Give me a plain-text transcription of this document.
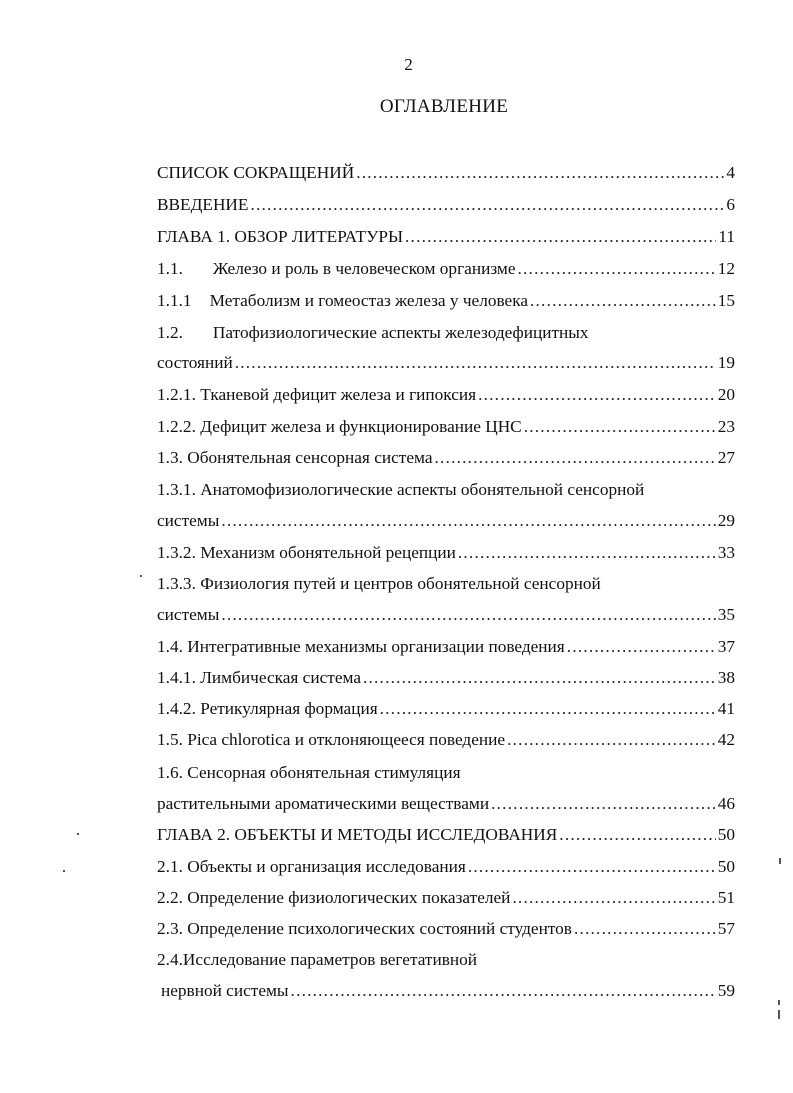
2
ОГЛАВЛЕНИЕ
СПИСОК СОКРАЩЕНИЙ .....	4
ВВЕДЕНИЕ .....	6
ГЛАВА 1. ОБЗОР ЛИТЕРАТУРЫ .....	11
1.1. Железо и роль в человеческом организме .....	12
1.1.1 Метаболизм и гомеостаз железа у человека .....	15
1.2. Патофизиологические аспекты железодефицитных
состояний .....	19
1.2.1. Тканевой дефицит железа и гипоксия .....	20
1.2.2. Дефицит железа и функционирование ЦНС .....	23
1.3. Обонятельная сенсорная система .....	27
1.3.1. Анатомофизиологические аспекты обонятельной сенсорной
системы .....	29
1.3.2. Механизм обонятельной рецепции .....	33
1.3.3. Физиология путей и центров обонятельной сенсорной
системы .....	35
1.4. Интегративные механизмы организации поведения .....	37
1.4.1. Лимбическая система .....	38
1.4.2. Ретикулярная формация .....	41
1.5. Pica chlorotica и отклоняющееся поведение .....	42
1.6. Сенсорная обонятельная стимуляция
растительными ароматическими веществами .....	46
ГЛАВА 2. ОБЪЕКТЫ И МЕТОДЫ ИССЛЕДОВАНИЯ .....	50
2.1. Объекты и организация исследования .....	50
2.2. Определение физиологических показателей .....	51
2.3. Определение психологических состояний студентов .....	57
2.4.Исследование параметров вегетативной
нервной системы .....	59
